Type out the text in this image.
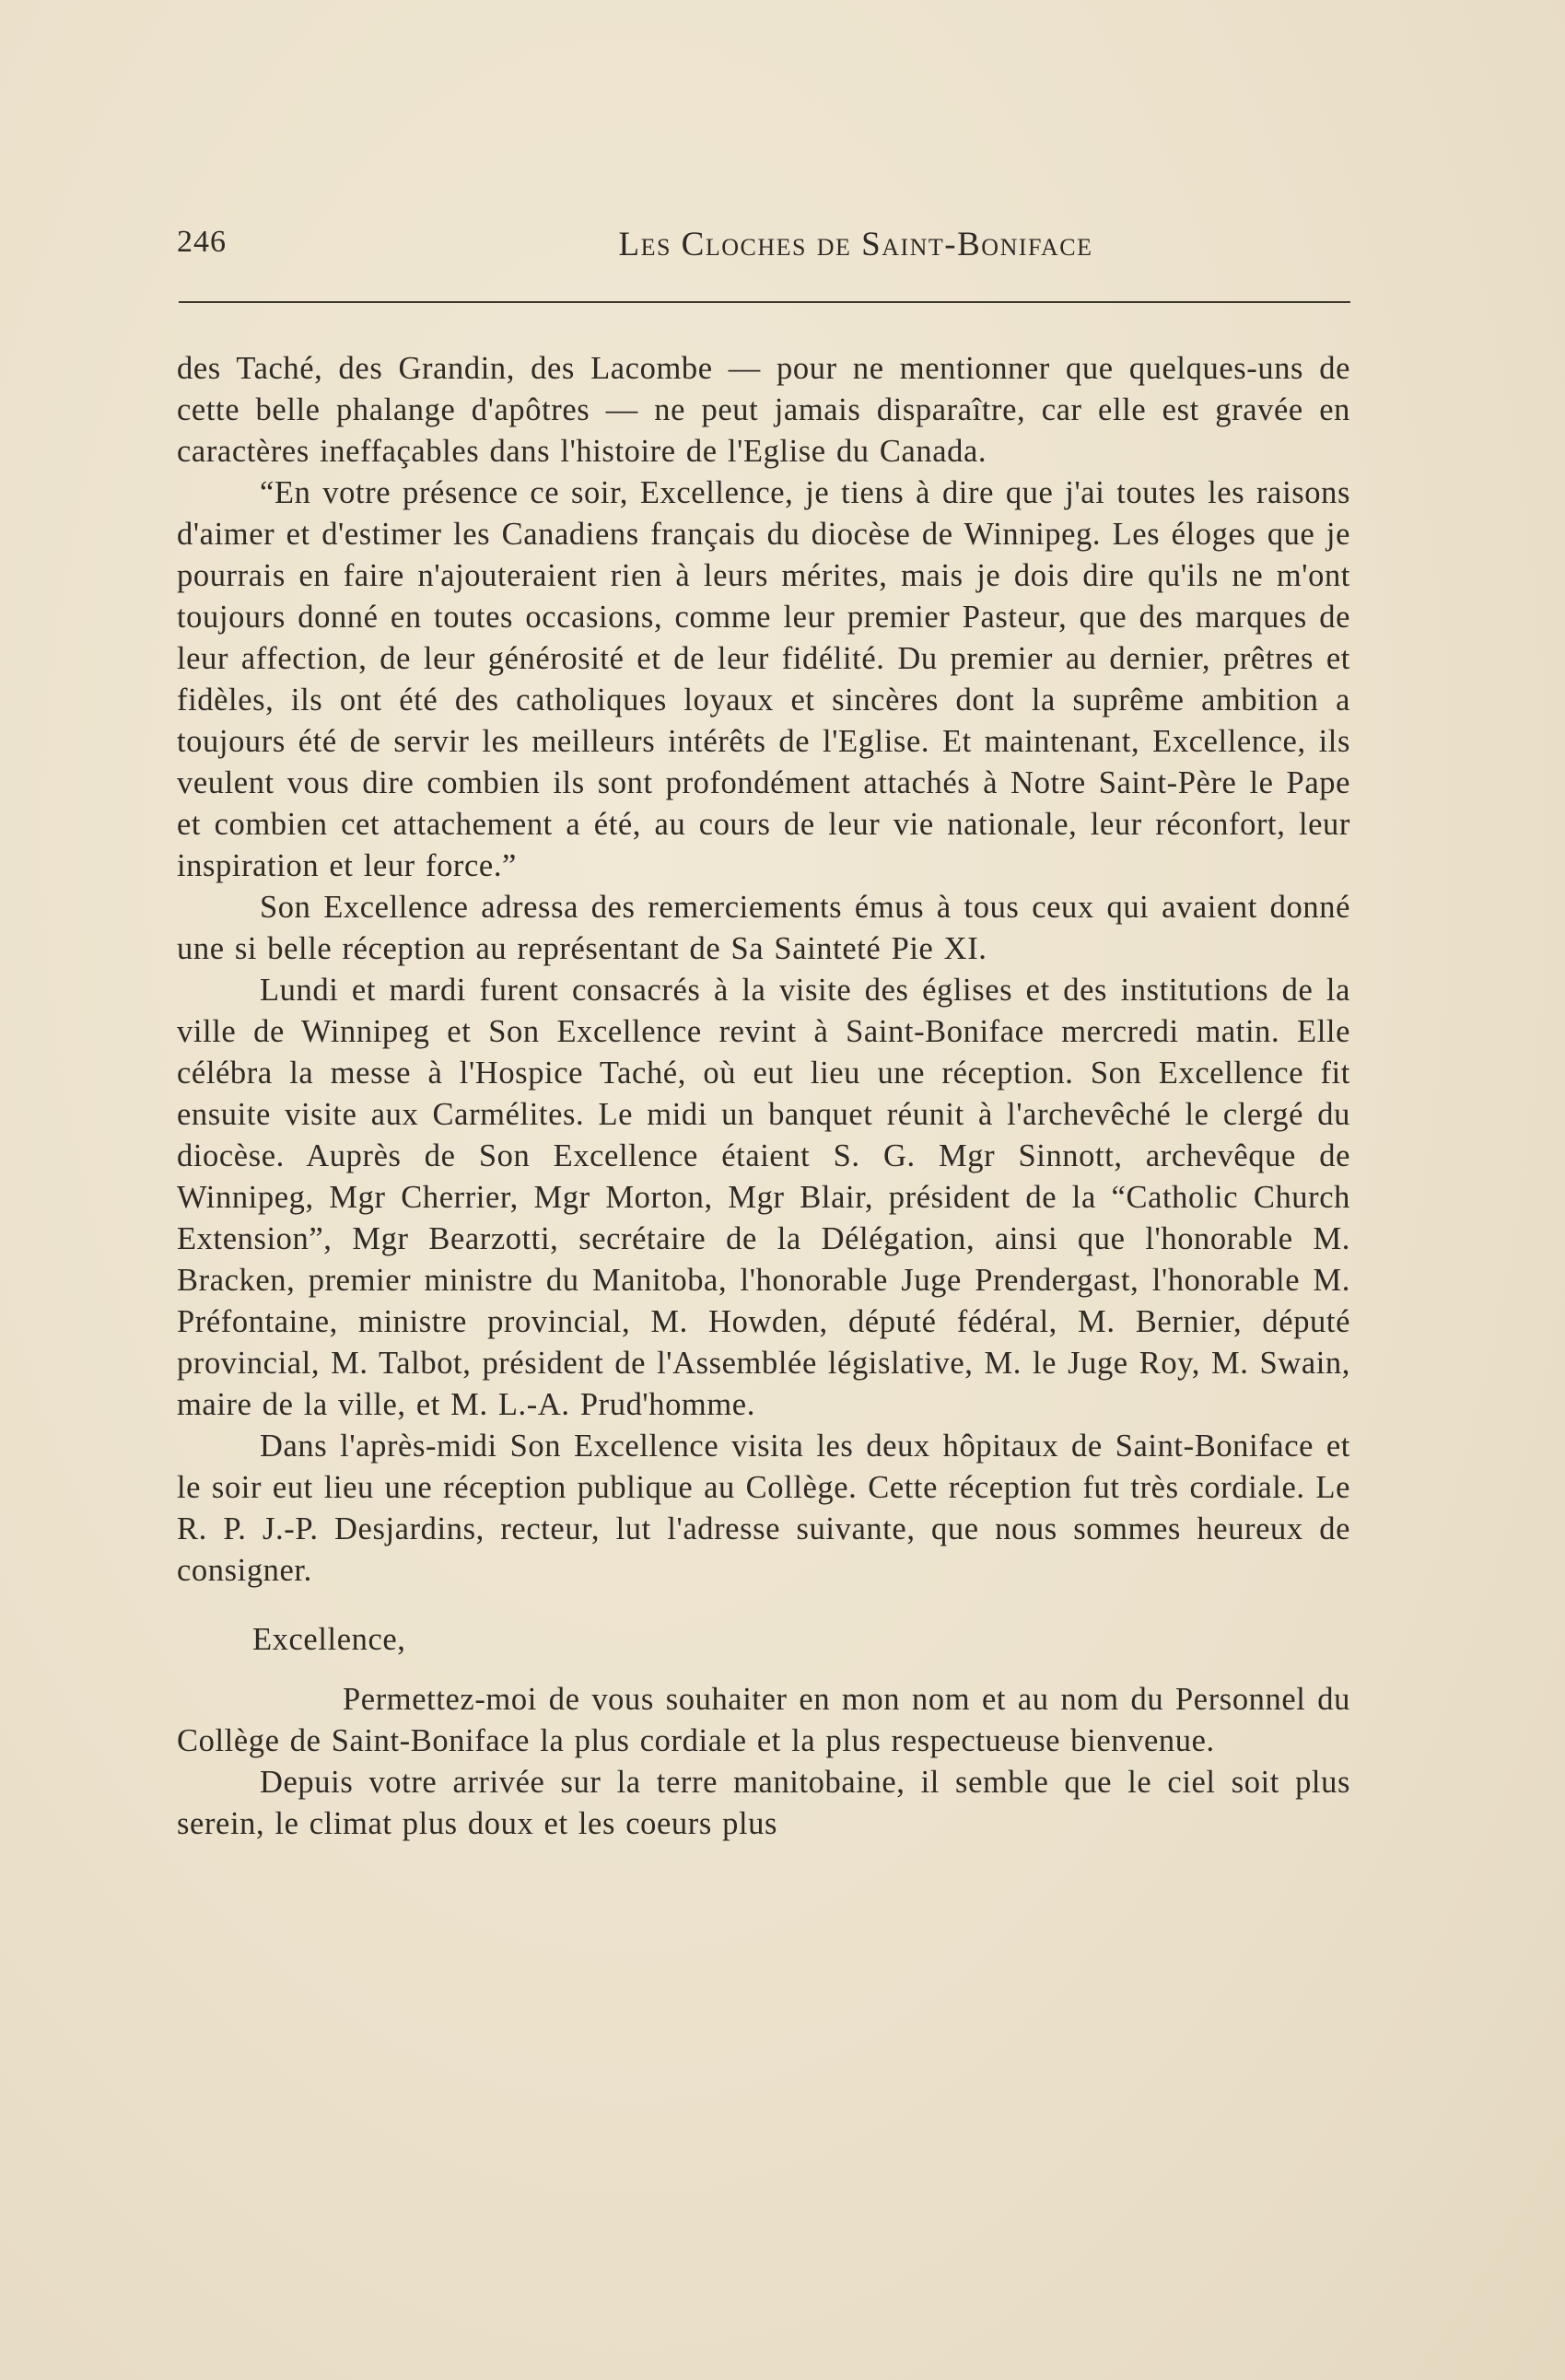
246	Les Cloches de Saint-Boniface

des Taché, des Grandin, des Lacombe — pour ne mentionner que quelques-uns de cette belle phalange d'apôtres — ne peut jamais disparaître, car elle est gravée en caractères ineffaçables dans l'histoire de l'Eglise du Canada.

“En votre présence ce soir, Excellence, je tiens à dire que j'ai toutes les raisons d'aimer et d'estimer les Canadiens français du diocèse de Winnipeg. Les éloges que je pourrais en faire n'ajouteraient rien à leurs mérites, mais je dois dire qu'ils ne m'ont toujours donné en toutes occasions, comme leur premier Pasteur, que des marques de leur affection, de leur générosité et de leur fidélité. Du premier au dernier, prêtres et fidèles, ils ont été des catholiques loyaux et sincères dont la suprême ambition a toujours été de servir les meilleurs intérêts de l'Eglise. Et maintenant, Excellence, ils veulent vous dire combien ils sont profondément attachés à Notre Saint-Père le Pape et combien cet attachement a été, au cours de leur vie nationale, leur réconfort, leur inspiration et leur force.”

Son Excellence adressa des remerciements émus à tous ceux qui avaient donné une si belle réception au représentant de Sa Sainteté Pie XI.

Lundi et mardi furent consacrés à la visite des églises et des institutions de la ville de Winnipeg et Son Excellence revint à Saint-Boniface mercredi matin. Elle célébra la messe à l'Hospice Taché, où eut lieu une réception. Son Excellence fit ensuite visite aux Carmélites. Le midi un banquet réunit à l'archevêché le clergé du diocèse. Auprès de Son Excellence étaient S. G. Mgr Sinnott, archevêque de Winnipeg, Mgr Cherrier, Mgr Morton, Mgr Blair, président de la “Catholic Church Extension”, Mgr Bearzotti, secrétaire de la Délégation, ainsi que l'honorable M. Bracken, premier ministre du Manitoba, l'honorable Juge Prendergast, l'honorable M. Préfontaine, ministre provincial, M. Howden, député fédéral, M. Bernier, député provincial, M. Talbot, président de l'Assemblée législative, M. le Juge Roy, M. Swain, maire de la ville, et M. L.-A. Prud'homme.

Dans l'après-midi Son Excellence visita les deux hôpitaux de Saint-Boniface et le soir eut lieu une réception publique au Collège. Cette réception fut très cordiale. Le R. P. J.-P. Desjardins, recteur, lut l'adresse suivante, que nous sommes heureux de consigner.

Excellence,

Permettez-moi de vous souhaiter en mon nom et au nom du Personnel du Collège de Saint-Boniface la plus cordiale et la plus respectueuse bienvenue.

Depuis votre arrivée sur la terre manitobaine, il semble que le ciel soit plus serein, le climat plus doux et les coeurs plus
